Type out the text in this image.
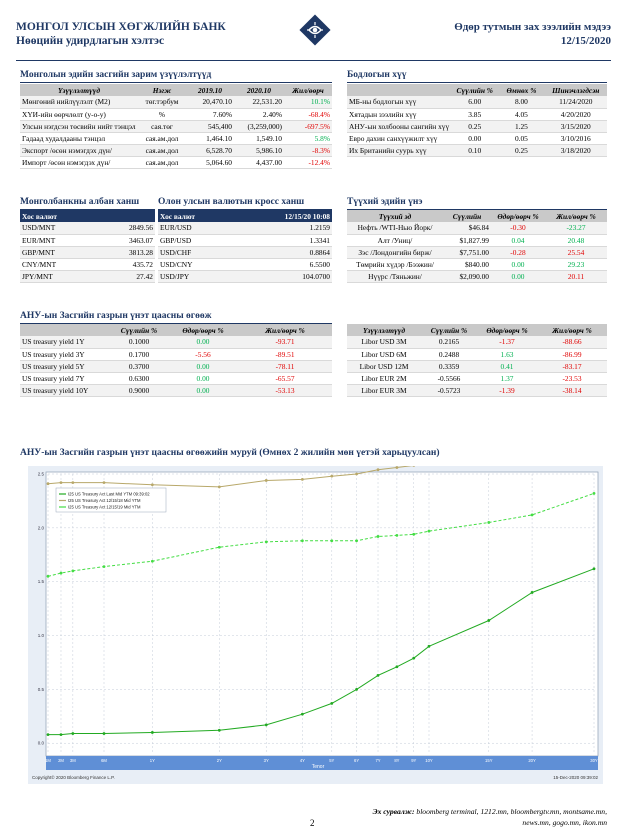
МОНГОЛ УЛСЫН ХӨГЖЛИЙН БАНК
Нөөцийн удирдлагын хэлтэс
Өдөр тутмын зах зээлийн мэдээ
12/15/2020
Монголын эдийн засгийн зарим үзүүлэлтүүд
Үзүүлэлтүүд	Нэгж	2019.10	2020.10	Жил/өөрч
Мөнгөний нийлүүлэлт (M2)	төг.тэрбум	20,470.10	22,531.20	10.1%
ХҮИ-ийн өөрчлөлт (у-о-у)	%	7.60%	2.40%	-68.4%
Улсын нэгдсэн төсвийн нийт тэнцэл	сая.төг	545,400	(3,259,000)	-697.5%
Гадаад худалдааны тэнцэл	сая.ам.дол	1,464.10	1,549.10	5.8%
Экспорт /өсөн нэмэгдэх дүн/	сая.ам.дол	6,528.70	5,986.10	-8.3%
Импорт /өсөн нэмэгдэх дүн/	сая.ам.дол	5,064.60	4,437.00	-12.4%
Бодлогын хүү
	Сүүлийн %	Өмнөх %	Шинэчлэгдсэн
МБ-ны бодлогын хүү	6.00	8.00	11/24/2020
Хятадын зээлийн хүү	3.85	4.05	4/20/2020
АНУ-ын холбооны сангийн хүү	0.25	1.25	3/15/2020
Евро дахин санхүүжилт хүү	0.00	0.05	3/10/2016
Их Британийн суурь хүү	0.10	0.25	3/18/2020
Монголбанкны албан ханш
Хос валют	
USD/MNT	2849.56
EUR/MNT	3463.07
GBP/MNT	3813.28
CNY/MNT	435.72
JPY/MNT	27.42
Олон улсын валютын кросс ханш
Хос валют	12/15/20 10:08
EUR/USD	1.2159
GBP/USD	1.3341
USD/CHF	0.8864
USD/CNY	6.5500
USD/JPY	104.0700
Түүхий эдийн үнэ
Түүхий эд	Сүүлийн	Өдөр/өөрч %	Жил/өөрч %
Нефть /WTI-Нью Йорк/	$46.84	-0.30	-23.27
Алт /Униц/	$1,827.99	0.04	20.48
Зэс /Лондонгийн бирж/	$7,751.00	-0.28	25.54
Төмрийн хүдэр /Бээжин/	$840.00	0.00	29.23
Нүүрс /Тяньжин/	$2,090.00	0.00	20.11
АНУ-ын Засгийн газрын үнэт цаасны өгөөж
	Сүүлийн %	Өдөр/өөрч %	Жил/өөрч %
US treasury yield 1Y	0.1000	0.00	-93.71
US treasury yield 3Y	0.1700	-5.56	-89.51
US treasury yield 5Y	0.3700	0.00	-78.11
US treasury yield 7Y	0.6300	0.00	-65.57
US treasury yield 10Y	0.9000	0.00	-53.13
Үзүүлэлтүүд	Сүүлийн %	Өдөр/өөрч %	Жил/өөрч %
Libor USD 3M	0.2165	-1.37	-88.66
Libor USD 6M	0.2488	1.63	-86.99
Libor USD 12M	0.3359	0.41	-83.17
Libor EUR 2M	-0.5566	1.37	-23.53
Libor EUR 3M	-0.5723	-1.39	-38.14
АНУ-ын Засгийн газрын үнэт цаасны өгөөжийн муруй (Өмнөх 2 жилийн мөн үетэй харьцуулсан)
0.0
0.5
1.0
1.5
2.0
2.5
I25 US Treasury Act Last Mid YTM 09:39:02
I25 US Treasury Act 12/15/18 Mid YTM
I25 US Treasury Act 12/15/19 Mid YTM
1M 2M 3M	6M	1Y	2Y	3Y	4Y	5Y	6Y	7Y	8Y	9Y 10Y	15Y	20Y	30Y
Tenor
Copyright© 2020 Bloomberg Finance L.P.	15-Dec-2020 09:39:02
Эх сурвалж: bloomberg terminal, 1212.mn, bloombergtv.mn, montsame.mn, news.mn, gogo.mn, ikon.mn
2
